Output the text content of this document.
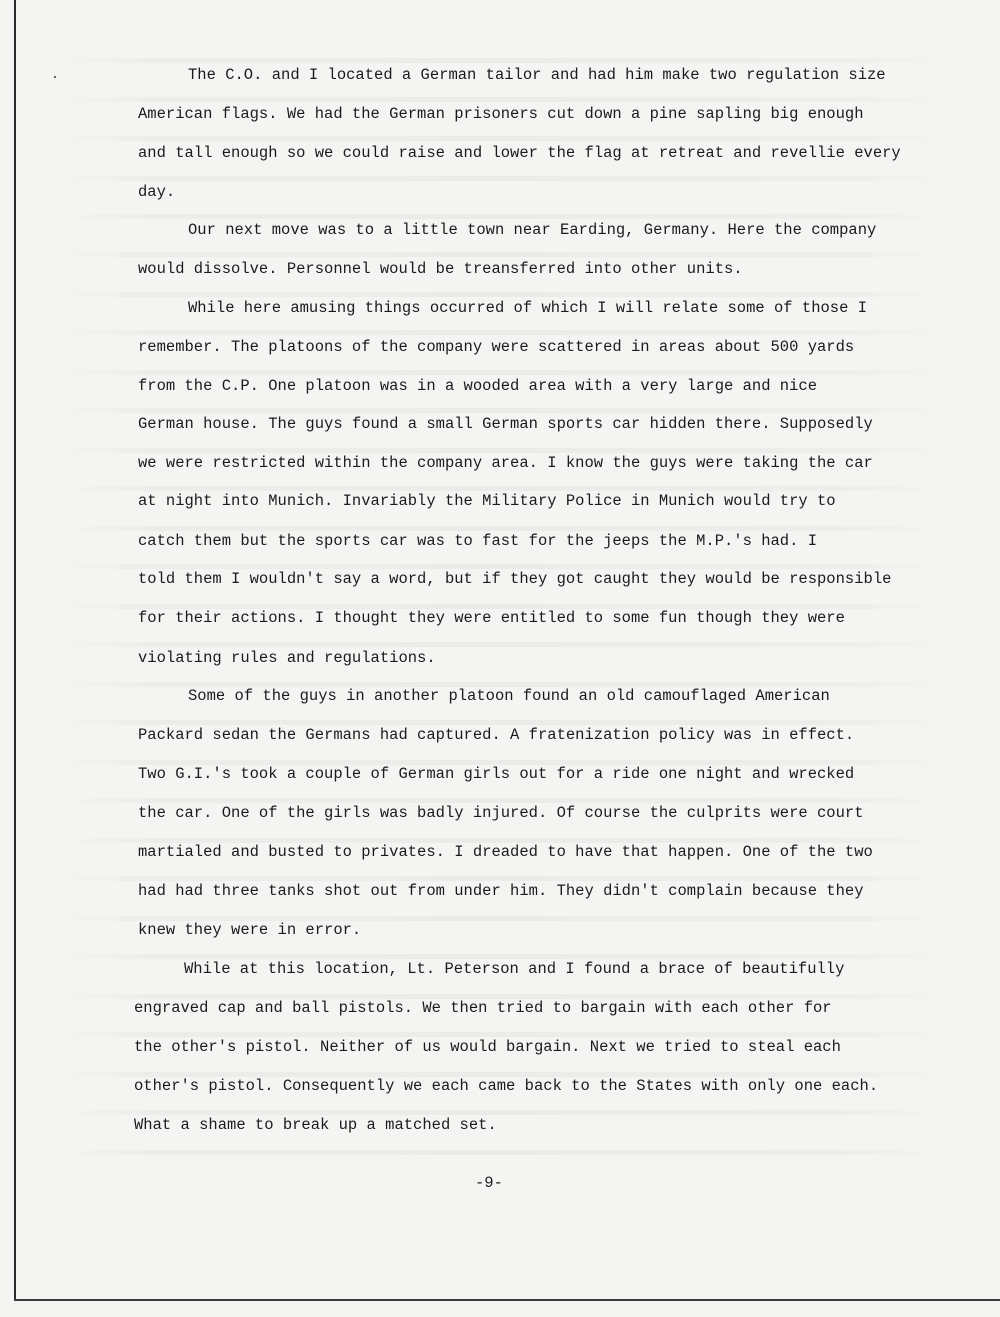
The C.O. and I located a German tailor and had him make two regulation size

American flags. We had the German prisoners cut down a pine sapling big enough

and tall enough so we could raise and lower the flag at retreat and revellie every

day.

Our next move was to a little town near Earding, Germany. Here the company

would dissolve. Personnel would be treansferred into other units.

While here amusing things occurred of which I will relate some of those I

remember. The platoons of the company were scattered in areas about 500 yards

from the C.P. One platoon was in a wooded area with a very large and nice

German house. The guys found a small German sports car hidden there. Supposedly

we were restricted within the company area. I know the guys were taking the car

at night into Munich. Invariably the Military Police in Munich would try to

catch them but the sports car was to fast for the jeeps the M.P.'s had. I

told them I wouldn't say a word, but if they got caught they would be responsible

for their actions. I thought they were entitled to some fun though they were

violating rules and regulations.

Some of the guys in another platoon found an old camouflaged American

Packard sedan the Germans had captured. A fratenization policy was in effect.

Two G.I.'s took a couple of German girls out for a ride one night and wrecked

the car. One of the girls was badly injured. Of course the culprits were court

martialed and busted to privates. I dreaded to have that happen. One of the two

had had three tanks shot out from under him. They didn't complain because they

knew they were in error.

While at this location, Lt. Peterson and I found a brace of beautifully

engraved cap and ball pistols. We then tried to bargain with each other for

the other's pistol. Neither of us would bargain. Next we tried to steal each

other's pistol. Consequently we each came back to the States with only one each.

What a shame to break up a matched set.

-9-
